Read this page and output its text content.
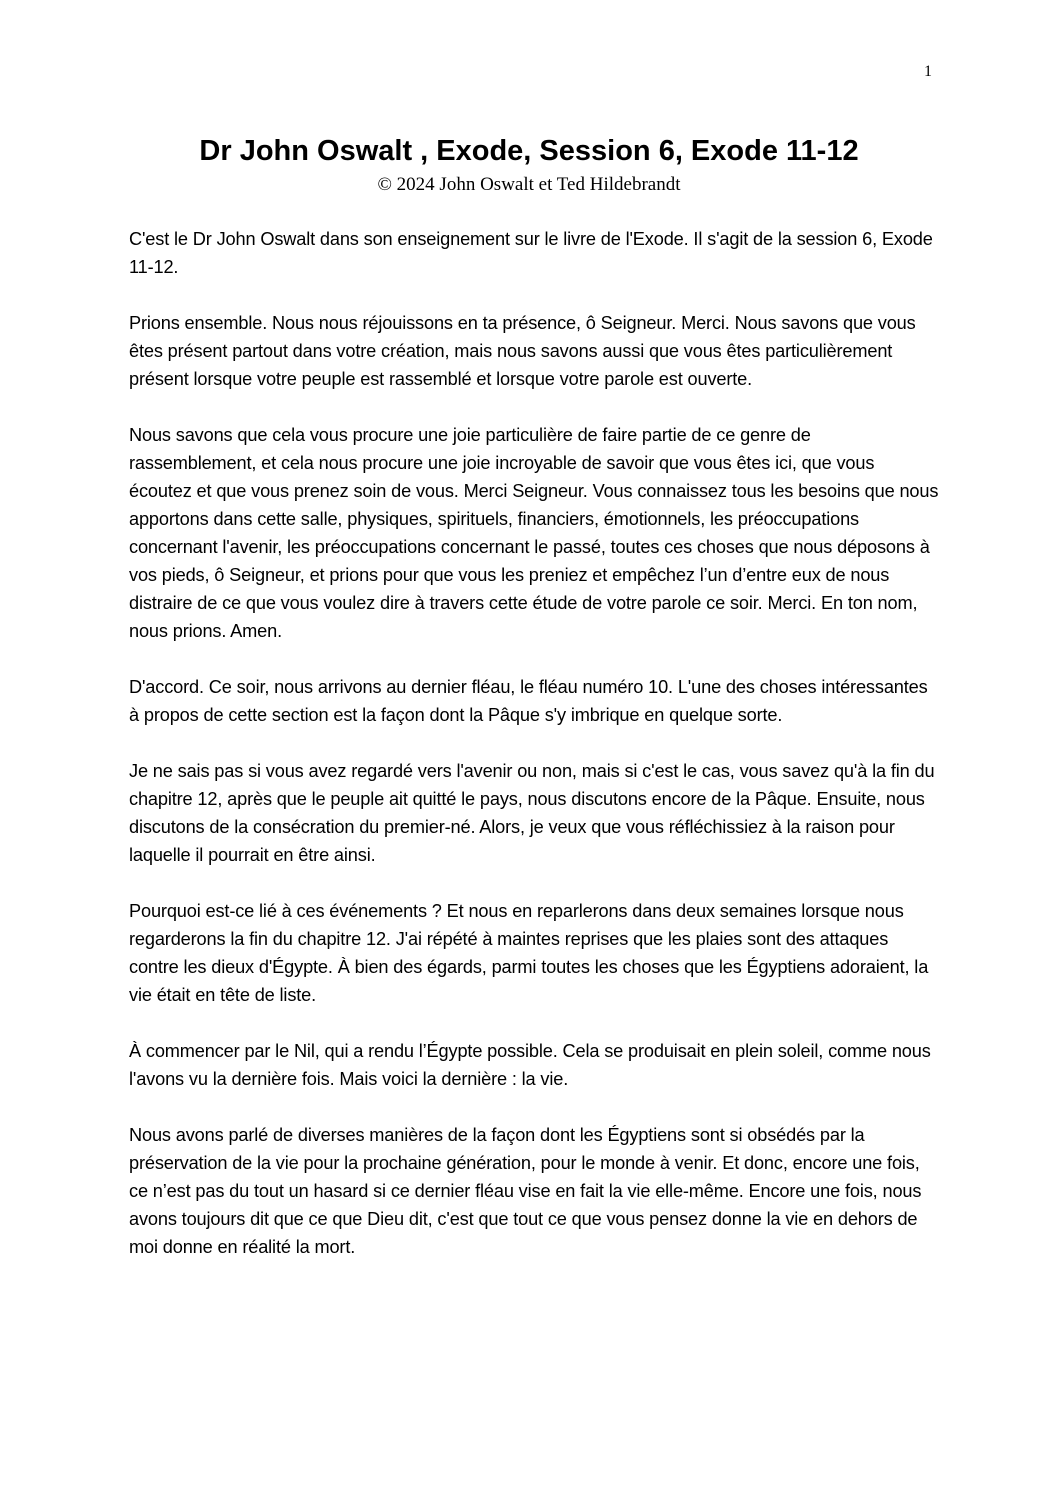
1
Dr John Oswalt , Exode, Session 6, Exode 11-12
© 2024 John Oswalt et Ted Hildebrandt

C'est le Dr John Oswalt dans son enseignement sur le livre de l'Exode. Il s'agit de la session 6, Exode 11-12.

Prions ensemble. Nous nous réjouissons en ta présence, ô Seigneur. Merci. Nous savons que vous êtes présent partout dans votre création, mais nous savons aussi que vous êtes particulièrement présent lorsque votre peuple est rassemblé et lorsque votre parole est ouverte.

Nous savons que cela vous procure une joie particulière de faire partie de ce genre de rassemblement, et cela nous procure une joie incroyable de savoir que vous êtes ici, que vous écoutez et que vous prenez soin de vous. Merci Seigneur. Vous connaissez tous les besoins que nous apportons dans cette salle, physiques, spirituels, financiers, émotionnels, les préoccupations concernant l'avenir, les préoccupations concernant le passé, toutes ces choses que nous déposons à vos pieds, ô Seigneur, et prions pour que vous les preniez et empêchez l’un d’entre eux de nous distraire de ce que vous voulez dire à travers cette étude de votre parole ce soir. Merci. En ton nom, nous prions. Amen.

D'accord. Ce soir, nous arrivons au dernier fléau, le fléau numéro 10. L'une des choses intéressantes à propos de cette section est la façon dont la Pâque s'y imbrique en quelque sorte.

Je ne sais pas si vous avez regardé vers l'avenir ou non, mais si c'est le cas, vous savez qu'à la fin du chapitre 12, après que le peuple ait quitté le pays, nous discutons encore de la Pâque. Ensuite, nous discutons de la consécration du premier-né. Alors, je veux que vous réfléchissiez à la raison pour laquelle il pourrait en être ainsi.

Pourquoi est-ce lié à ces événements ? Et nous en reparlerons dans deux semaines lorsque nous regarderons la fin du chapitre 12. J'ai répété à maintes reprises que les plaies sont des attaques contre les dieux d'Égypte. À bien des égards, parmi toutes les choses que les Égyptiens adoraient, la vie était en tête de liste.

À commencer par le Nil, qui a rendu l’Égypte possible. Cela se produisait en plein soleil, comme nous l'avons vu la dernière fois. Mais voici la dernière : la vie.

Nous avons parlé de diverses manières de la façon dont les Égyptiens sont si obsédés par la préservation de la vie pour la prochaine génération, pour le monde à venir. Et donc, encore une fois, ce n’est pas du tout un hasard si ce dernier fléau vise en fait la vie elle-même. Encore une fois, nous avons toujours dit que ce que Dieu dit, c'est que tout ce que vous pensez donne la vie en dehors de moi donne en réalité la mort.
